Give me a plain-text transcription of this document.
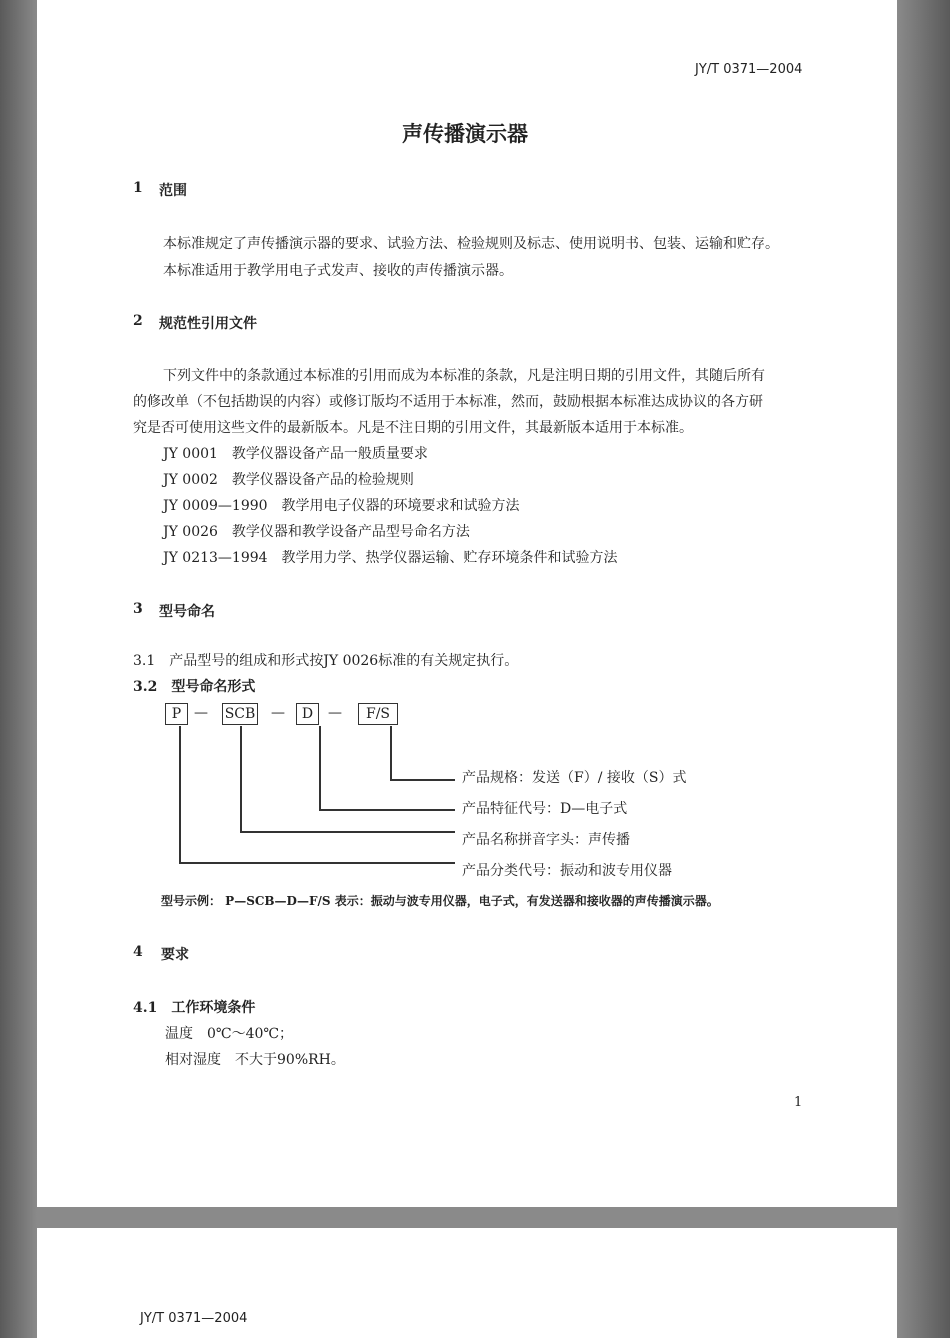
JY/T 0371—2004
声传播演示器
1 范围
本标准规定了声传播演示器的要求、试验方法、检验规则及标志、使用说明书、包装、运输和贮存。
本标准适用于教学用电子式发声、接收的声传播演示器。
2 规范性引用文件
下列文件中的条款通过本标准的引用而成为本标准的条款，凡是注明日期的引用文件，其随后所有
的修改单（不包括勘误的内容）或修订版均不适用于本标准，然而，鼓励根据本标准达成协议的各方研
究是否可使用这些文件的最新版本。凡是不注日期的引用文件，其最新版本适用于本标准。
JY 0001　教学仪器设备产品一般质量要求
JY 0002　教学仪器设备产品的检验规则
JY 0009—1990　教学用电子仪器的环境要求和试验方法
JY 0026　教学仪器和教学设备产品型号命名方法
JY 0213—1994　教学用力学、热学仪器运输、贮存环境条件和试验方法
3 型号命名
3.1　产品型号的组成和形式按JY 0026标准的有关规定执行。
3.2　型号命名形式
P — SCB —	D	—	F/S
产品规格：发送（F）/ 接收（S）式
产品特征代号：D—电子式
产品名称拼音字头：声传播
产品分类代号：振动和波专用仪器
型号示例： P—SCB—D—F/S 表示：振动与波专用仪器，电子式，有发送器和接收器的声传播演示器。
4 要求
4.1　工作环境条件
温度　0℃～40℃；
相对湿度　不大于90%RH。
1
JY/T 0371—2004
